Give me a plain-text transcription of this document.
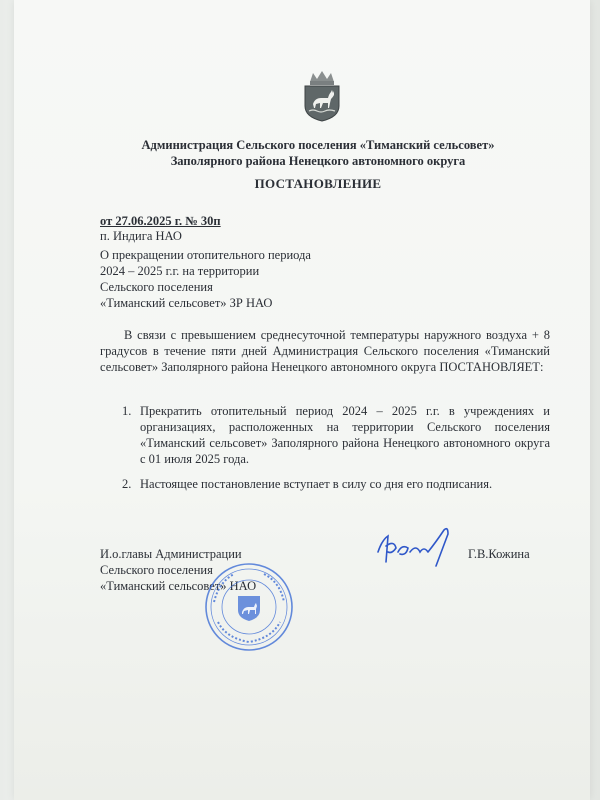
Администрация Сельского поселения «Тиманский сельсовет»
Заполярного района Ненецкого автономного округа
ПОСТАНОВЛЕНИЕ
от 27.06.2025 г. № 30п
п. Индига НАО
О прекращении отопительного периода
2024 – 2025 г.г. на территории
Сельского поселения
«Тиманский сельсовет» ЗР НАО
В связи с превышением среднесуточной температуры наружного воздуха + 8 градусов в течение пяти дней Администрация Сельского поселения «Тиманский сельсовет» Заполярного района Ненецкого автономного округа ПОСТАНОВЛЯЕТ:
1. Прекратить отопительный период 2024 – 2025 г.г. в учреждениях и организациях, расположенных на территории Сельского поселения «Тиманский сельсовет» Заполярного района Ненецкого автономного округа с 01 июля 2025 года.
2. Настоящее постановление вступает в силу со дня его подписания.
И.о.главы Администрации
Сельского поселения
«Тиманский сельсовет» НАО
Г.В.Кожина
